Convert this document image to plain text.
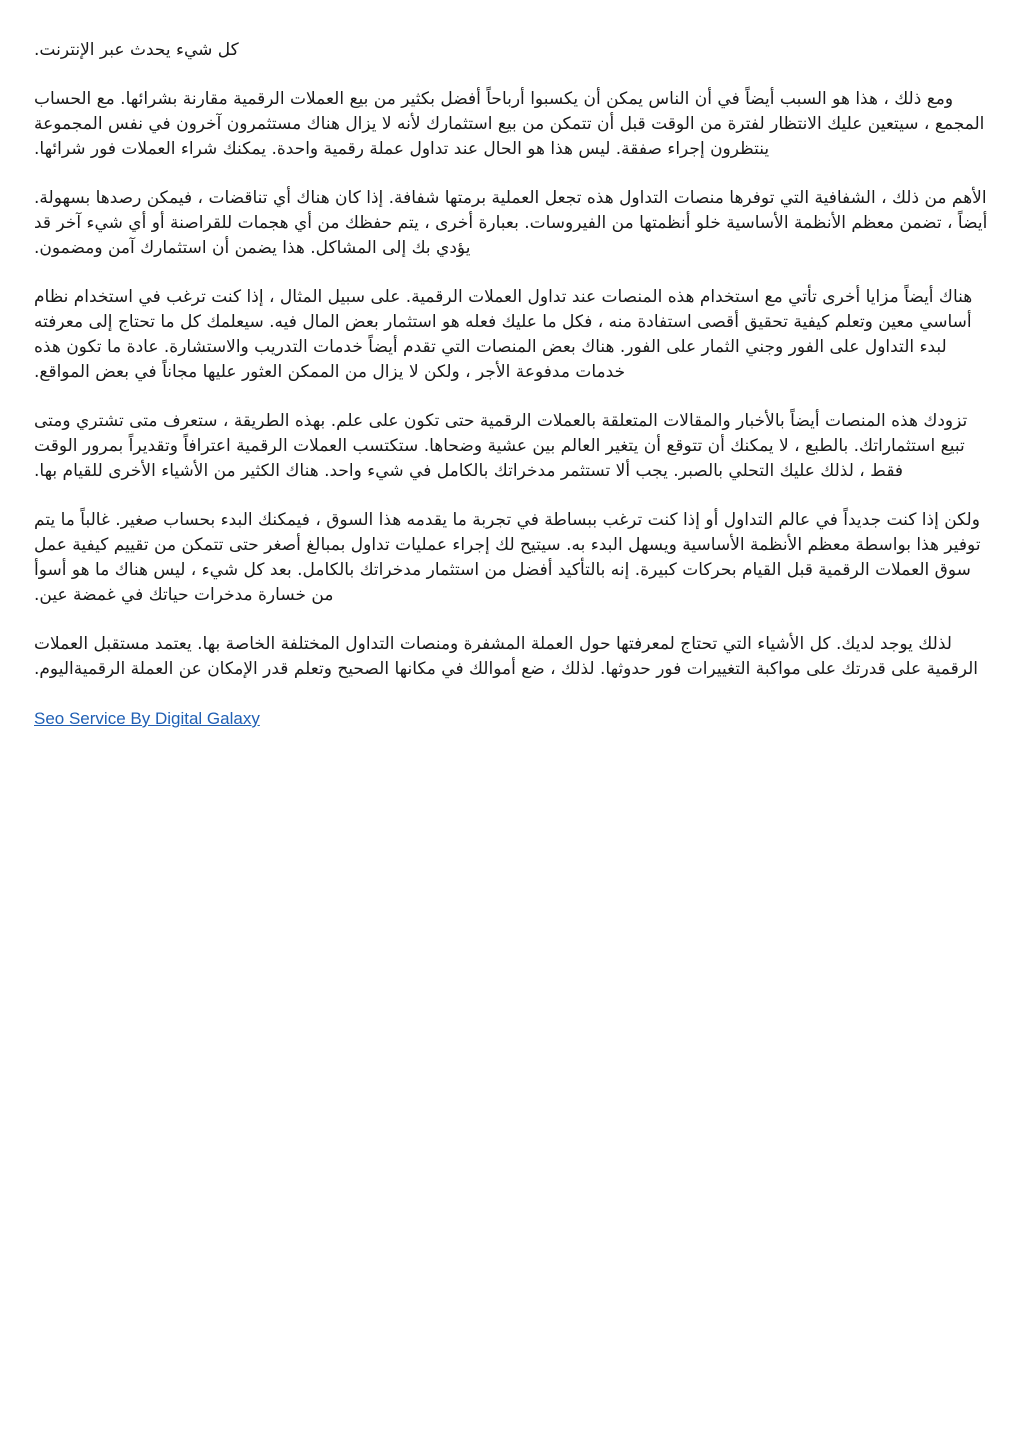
كل شيء يحدث عبر الإنترنت.

ومع ذلك ، هذا هو السبب أيضاً في أن الناس يمكن أن يكسبوا أرباحاً أفضل بكثير من بيع العملات الرقمية مقارنة بشرائها. مع الحساب المجمع ، سيتعين عليك الانتظار لفترة من الوقت قبل أن تتمكن من بيع استثمارك لأنه لا يزال هناك مستثمرون آخرون في نفس المجموعة ينتظرون إجراء صفقة. ليس هذا هو الحال عند تداول عملة رقمية واحدة. يمكنك شراء العملات فور شرائها.

الأهم من ذلك ، الشفافية التي توفرها منصات التداول هذه تجعل العملية برمتها شفافة. إذا كان هناك أي تناقضات ، فيمكن رصدها بسهولة. أيضاً ، تضمن معظم الأنظمة الأساسية خلو أنظمتها من الفيروسات. بعبارة أخرى ، يتم حفظك من أي هجمات للقراصنة أو أي شيء آخر قد يؤدي بك إلى المشاكل. هذا يضمن أن استثمارك آمن ومضمون.

هناك أيضاً مزايا أخرى تأتي مع استخدام هذه المنصات عند تداول العملات الرقمية. على سبيل المثال ، إذا كنت ترغب في استخدام نظام أساسي معين وتعلم كيفية تحقيق أقصى استفادة منه ، فكل ما عليك فعله هو استثمار بعض المال فيه. سيعلمك كل ما تحتاج إلى معرفته لبدء التداول على الفور وجني الثمار على الفور. هناك بعض المنصات التي تقدم أيضاً خدمات التدريب والاستشارة. عادة ما تكون هذه خدمات مدفوعة الأجر ، ولكن لا يزال من الممكن العثور عليها مجاناً في بعض المواقع.

تزودك هذه المنصات أيضاً بالأخبار والمقالات المتعلقة بالعملات الرقمية حتى تكون على علم. بهذه الطريقة ، ستعرف متى تشتري ومتى تبيع استثماراتك. بالطبع ، لا يمكنك أن تتوقع أن يتغير العالم بين عشية وضحاها. ستكتسب العملات الرقمية اعترافاً وتقديراً بمرور الوقت فقط ، لذلك عليك التحلي بالصبر. يجب ألا تستثمر مدخراتك بالكامل في شيء واحد. هناك الكثير من الأشياء الأخرى للقيام بها.

ولكن إذا كنت جديداً في عالم التداول أو إذا كنت ترغب ببساطة في تجربة ما يقدمه هذا السوق ، فيمكنك البدء بحساب صغير. غالباً ما يتم توفير هذا بواسطة معظم الأنظمة الأساسية ويسهل البدء به. سيتيح لك إجراء عمليات تداول بمبالغ أصغر حتى تتمكن من تقييم كيفية عمل سوق العملات الرقمية قبل القيام بحركات كبيرة. إنه بالتأكيد أفضل من استثمار مدخراتك بالكامل. بعد كل شيء ، ليس هناك ما هو أسوأ من خسارة مدخرات حياتك في غمضة عين.

لذلك يوجد لديك. كل الأشياء التي تحتاج لمعرفتها حول العملة المشفرة ومنصات التداول المختلفة الخاصة بها. يعتمد مستقبل العملات الرقمية على قدرتك على مواكبة التغييرات فور حدوثها. لذلك ، ضع أموالك في مكانها الصحيح وتعلم قدر الإمكان عن العملة الرقميةاليوم.

Seo Service By Digital Galaxy
